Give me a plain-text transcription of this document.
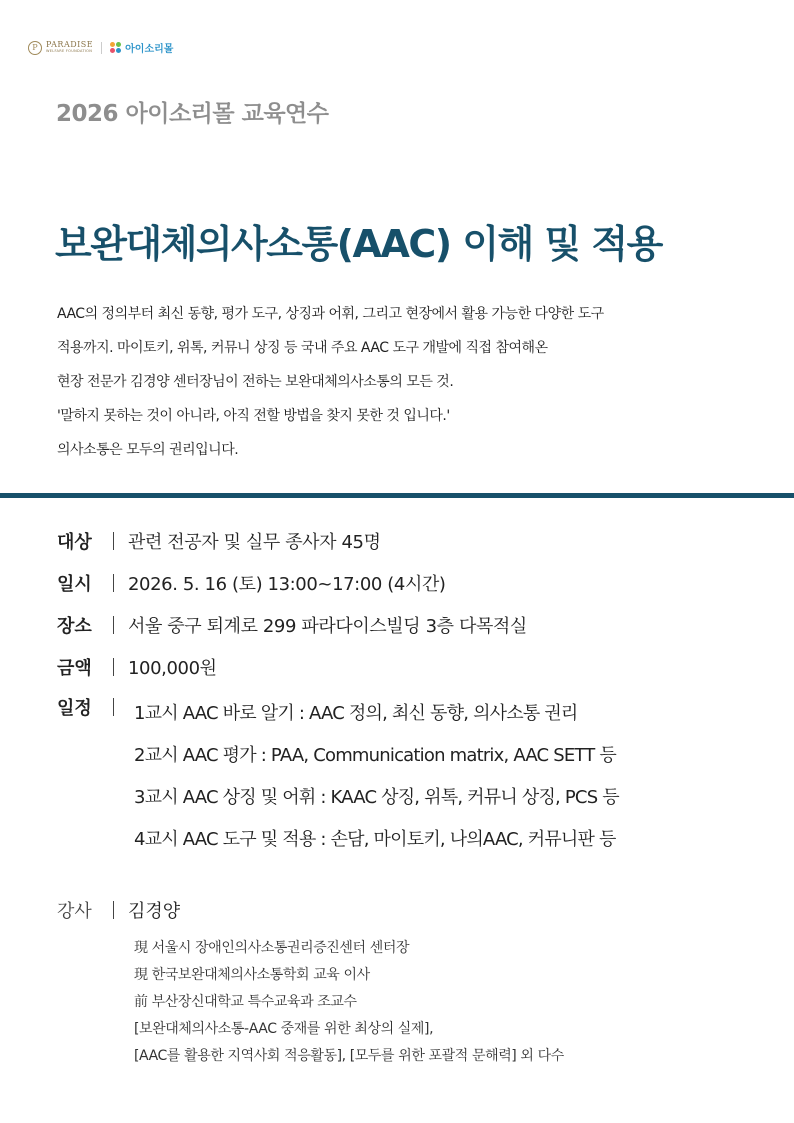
P	PARADISE
WELFARE FOUNDATION	아이소리몰
2026 아이소리몰 교육연수
보완대체의사소통(AAC) 이해 및 적용
AAC의 정의부터 최신 동향, 평가 도구, 상징과 어휘, 그리고 현장에서 활용 가능한 다양한 도구
적용까지. 마이토키, 위톡, 커뮤니 상징 등 국내 주요 AAC 도구 개발에 직접 참여해온
현장 전문가 김경양 센터장님이 전하는 보완대체의사소통의 모든 것.
'말하지 못하는 것이 아니라, 아직 전할 방법을 찾지 못한 것 입니다.'
의사소통은 모두의 권리입니다.
대상	관련 전공자 및 실무 종사자 45명
일시	2026. 5. 16 (토) 13:00~17:00 (4시간)
장소	서울 중구 퇴계로 299 파라다이스빌딩 3층 다목적실
금액	100,000원
일정	1교시 AAC 바로 알기 : AAC 정의, 최신 동향, 의사소통 권리
2교시 AAC 평가 : PAA, Communication matrix, AAC SETT 등
3교시 AAC 상징 및 어휘 : KAAC 상징, 위톡, 커뮤니 상징, PCS 등
4교시 AAC 도구 및 적용 : 손담, 마이토키, 나의AAC, 커뮤니판 등
강사	김경양
現 서울시 장애인의사소통권리증진센터 센터장
現 한국보완대체의사소통학회 교육 이사
前 부산장신대학교 특수교육과 조교수
[보완대체의사소통-AAC 중재를 위한 최상의 실제],
[AAC를 활용한 지역사회 적응활동], [모두를 위한 포괄적 문해력] 외 다수
